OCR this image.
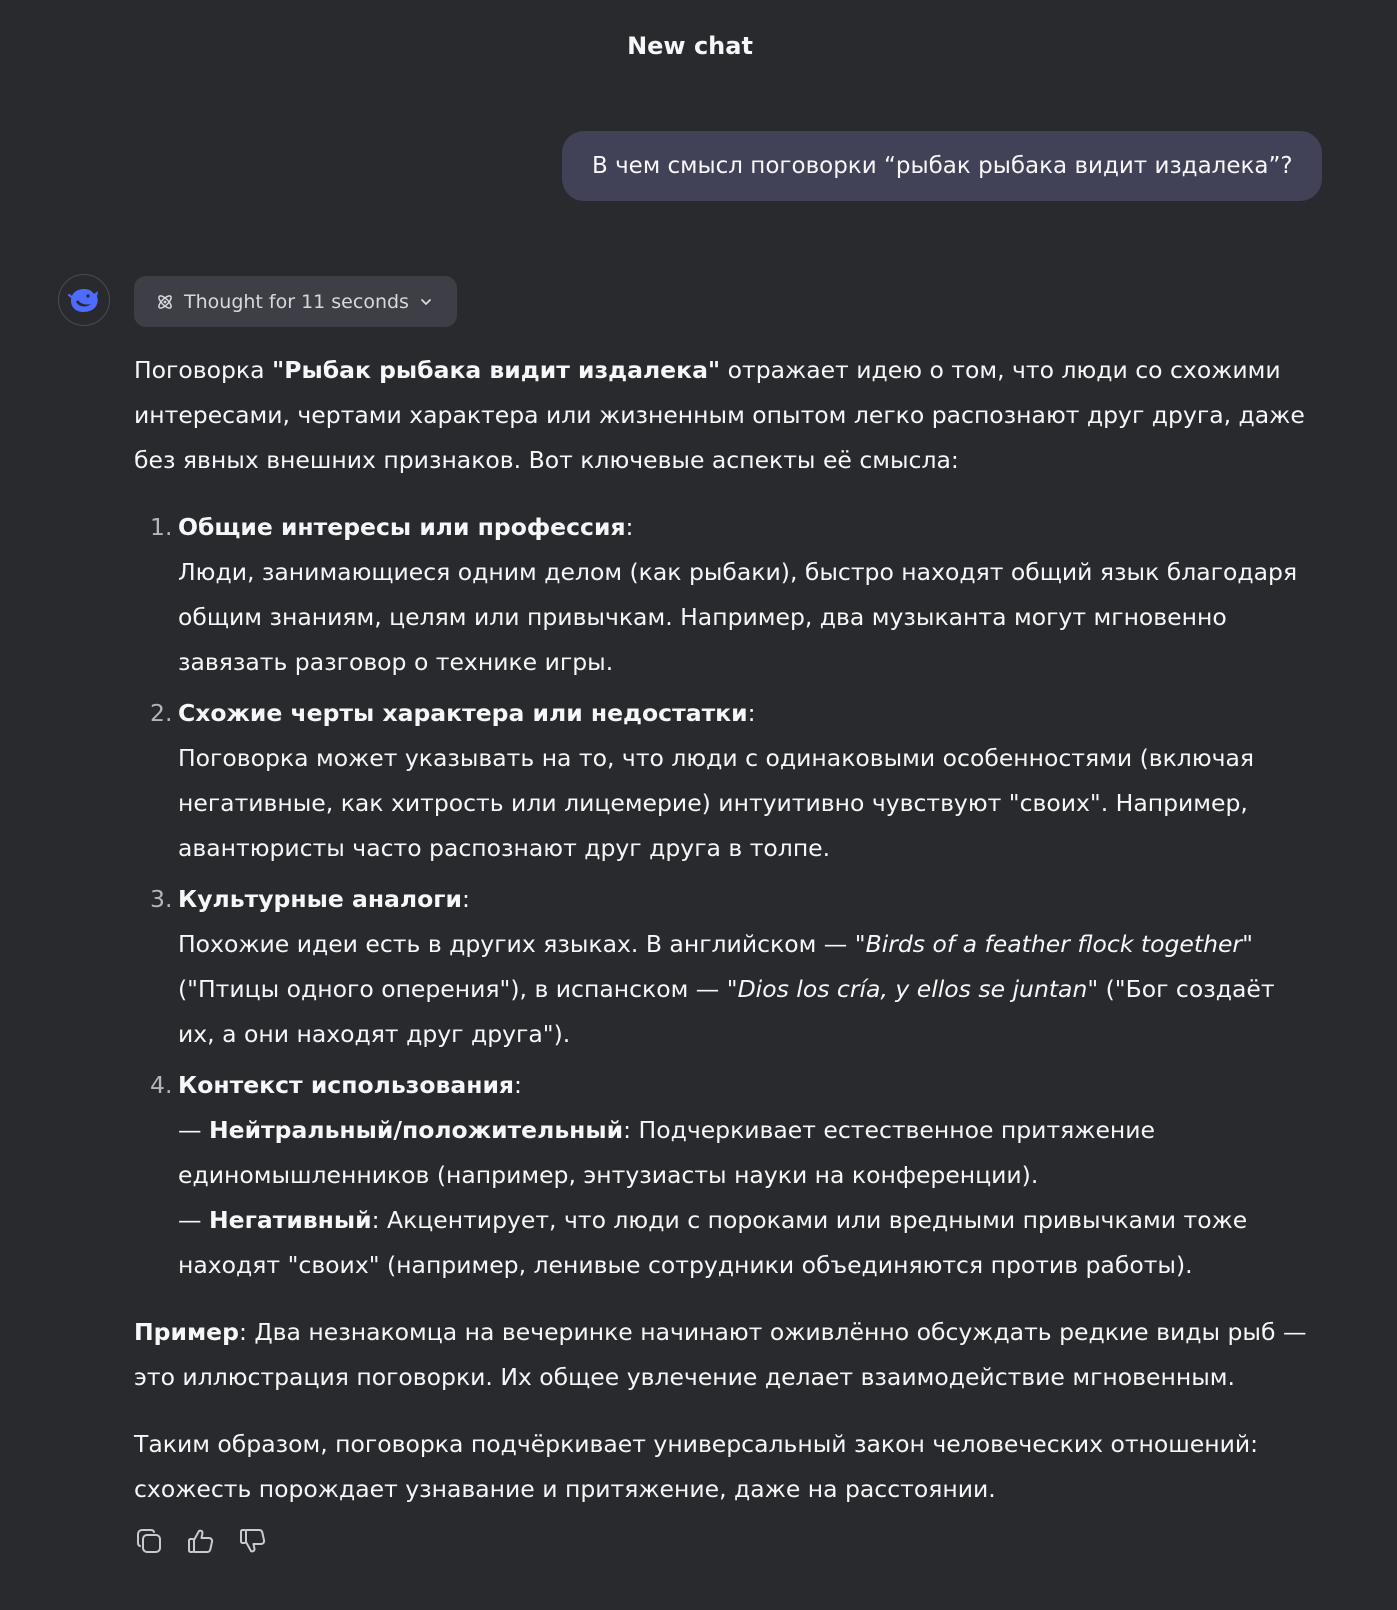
New chat
В чем смысл поговорки “рыбак рыбака видит издалека”?
Thought for 11 seconds

Поговорка "Рыбак рыбака видит издалека" отражает идею о том, что люди со схожими интересами, чертами характера или жизненным опытом легко распознают друг друга, даже без явных внешних признаков. Вот ключевые аспекты её смысла:

1. Общие интересы или профессия:
Люди, занимающиеся одним делом (как рыбаки), быстро находят общий язык благодаря общим знаниям, целям или привычкам. Например, два музыканта могут мгновенно завязать разговор о технике игры.
2. Схожие черты характера или недостатки:
Поговорка может указывать на то, что люди с одинаковыми особенностями (включая негативные, как хитрость или лицемерие) интуитивно чувствуют "своих". Например, авантюристы часто распознают друг друга в толпе.
3. Культурные аналоги:
Похожие идеи есть в других языках. В английском — "Birds of a feather flock together" ("Птицы одного оперения"), в испанском — "Dios los cría, y ellos se juntan" ("Бог создаёт их, а они находят друг друга").
4. Контекст использования:
— Нейтральный/положительный: Подчеркивает естественное притяжение единомышленников (например, энтузиасты науки на конференции).
— Негативный: Акцентирует, что люди с пороками или вредными привычками тоже находят "своих" (например, ленивые сотрудники объединяются против работы).

Пример: Два незнакомца на вечеринке начинают оживлённо обсуждать редкие виды рыб — это иллюстрация поговорки. Их общее увлечение делает взаимодействие мгновенным.

Таким образом, поговорка подчёркивает универсальный закон человеческих отношений: схожесть порождает узнавание и притяжение, даже на расстоянии.
